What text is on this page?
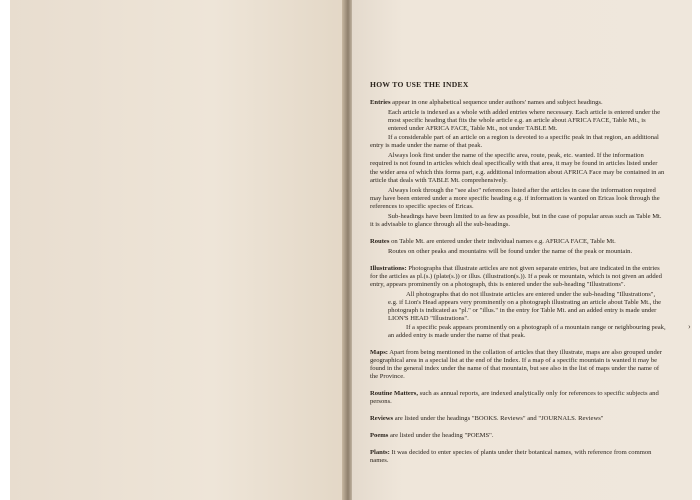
HOW TO USE THE INDEX

Entries appear in one alphabetical sequence under authors' names and subject headings.

Each article is indexed as a whole with added entries where necessary. Each article is entered under the most specific heading that fits the whole article e.g. an article about AFRICA FACE, Table Mt., is entered under AFRICA FACE, Table Mt., not under TABLE Mt.

If a considerable part of an article on a region is devoted to a specific peak in that region, an additional entry is made under the name of that peak.

Always look first under the name of the specific area, route, peak, etc. wanted. If the information required is not found in articles which deal specifically with that area, it may be found in articles listed under the wider area of which this forms part, e.g. additional information about AFRICA Face may be contained in an article that deals with TABLE Mt. comprehensively.

Always look through the "see also" references listed after the articles in case the information required may have been entered under a more specific heading e.g. if information is wanted on Ericas look through the references to specific species of Ericas.

Sub-headings have been limited to as few as possible, but in the case of popular areas such as Table Mt. it is advisable to glance through all the sub-headings.

Routes on Table Mt. are entered under their individual names e.g. AFRICA FACE, Table Mt.

Routes on other peaks and mountains will be found under the name of the peak or mountain.

Illustrations: Photographs that illustrate articles are not given separate entries, but are indicated in the entries for the articles as pl.(s.) (plate(s.)) or illus. (illustration(s.)). If a peak or mountain, which is not given an added entry, appears prominently on a photograph, this is entered under the sub-heading "Illustrations".

All photographs that do not illustrate articles are entered under the sub-heading "Illustrations", e.g. if Lion's Head appears very prominently on a photograph illustrating an article about Table Mt., the photograph is indicated as "pl." or "illus." in the entry for Table Mt. and an added entry is made under LION'S HEAD "Illustrations".

If a specific peak appears prominently on a photograph of a mountain range or neighbouring peak, an added entry is made under the name of that peak.

Maps: Apart from being mentioned in the collation of articles that they illustrate, maps are also grouped under geographical area in a special list at the end of the Index. If a map of a specific mountain is wanted it may be found in the general index under the name of that mountain, but see also in the list of maps under the name of the Province.

Routine Matters, such as annual reports, are indexed analytically only for references to specific subjects and persons.

Reviews are listed under the headings "BOOKS. Reviews" and "JOURNALS. Reviews"

Poems are listed under the heading "POEMS".

Plants: It was decided to enter species of plants under their botanical names, with reference from common names.

›
